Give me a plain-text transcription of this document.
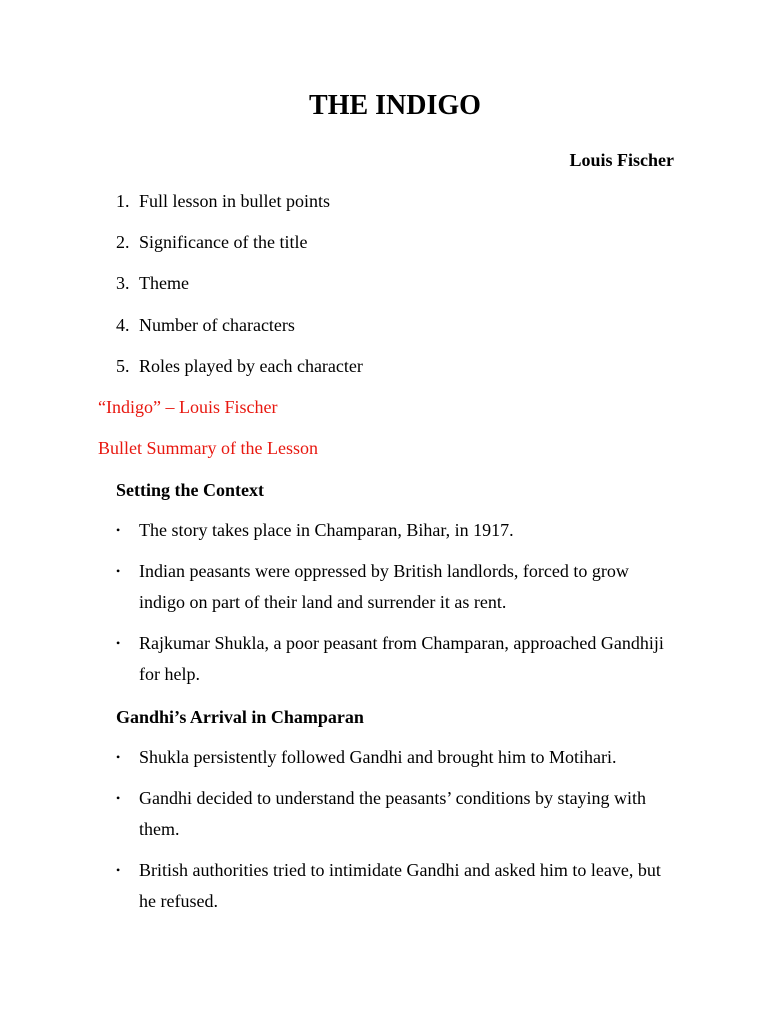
THE INDIGO
Louis Fischer
1. Full lesson in bullet points
2. Significance of the title
3. Theme
4. Number of characters
5. Roles played by each character
“Indigo” – Louis Fischer
Bullet Summary of the Lesson
Setting the Context
• The story takes place in Champaran, Bihar, in 1917.
• Indian peasants were oppressed by British landlords, forced to grow indigo on part of their land and surrender it as rent.
• Rajkumar Shukla, a poor peasant from Champaran, approached Gandhiji for help.
Gandhi’s Arrival in Champaran
• Shukla persistently followed Gandhi and brought him to Motihari.
• Gandhi decided to understand the peasants’ conditions by staying with them.
• British authorities tried to intimidate Gandhi and asked him to leave, but he refused.
